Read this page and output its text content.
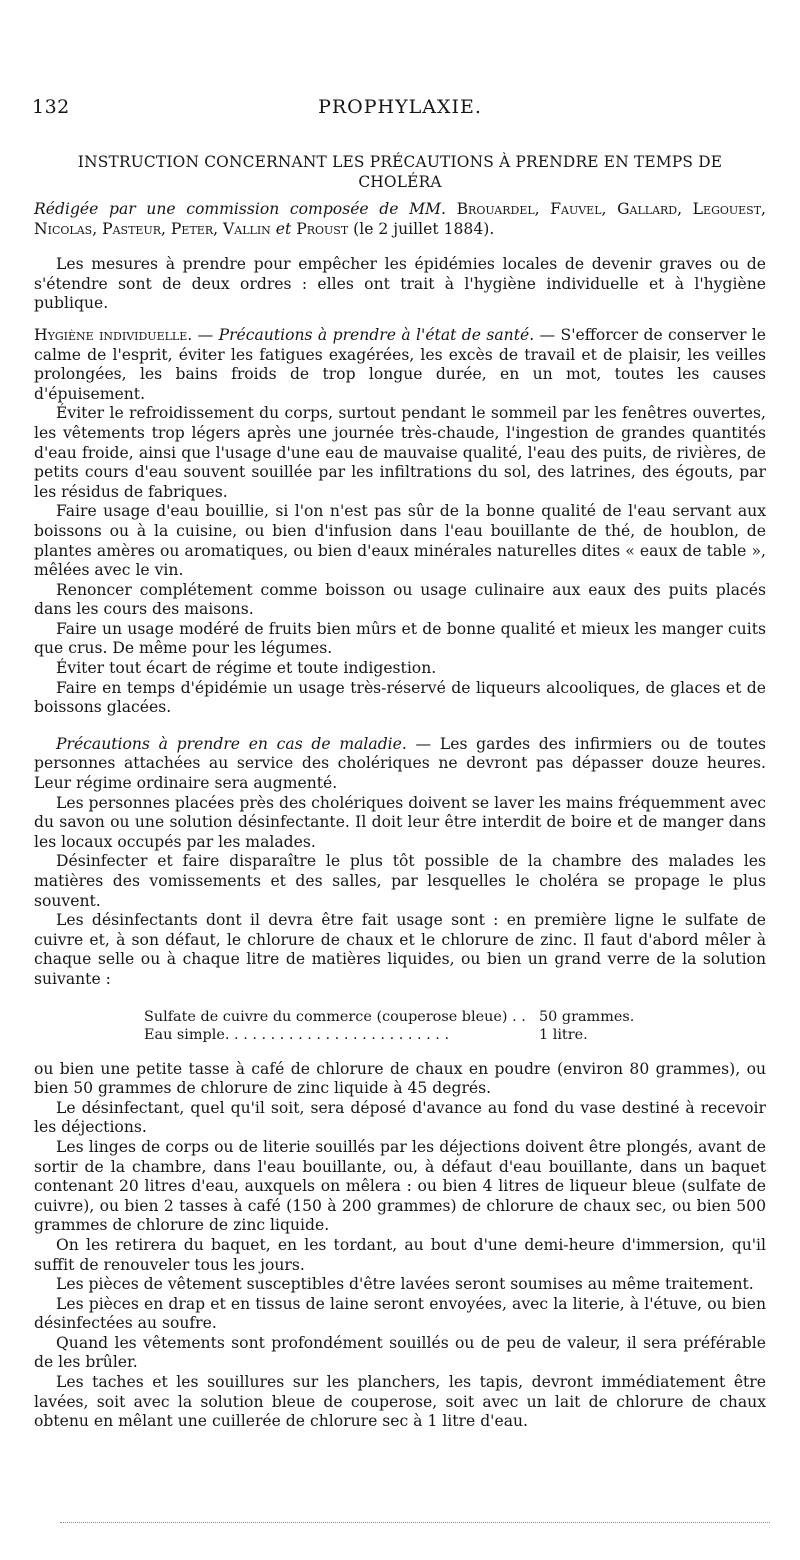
132	PROPHYLAXIE.
INSTRUCTION CONCERNANT LES PRÉCAUTIONS À PRENDRE EN TEMPS DE CHOLÉRA

Rédigée par une commission composée de MM. Brouardel, Fauvel, Gallard, Legouest, Nicolas, Pasteur, Peter, Vallin et Proust (le 2 juillet 1884).

Les mesures à prendre pour empêcher les épidémies locales de devenir graves ou de s'étendre sont de deux ordres : elles ont trait à l'hygiène individuelle et à l'hygiène publique.

Hygiène individuelle. — Précautions à prendre à l'état de santé. — S'efforcer de conserver le calme de l'esprit, éviter les fatigues exagérées, les excès de travail et de plaisir, les veilles prolongées, les bains froids de trop longue durée, en un mot, toutes les causes d'épuisement.

Éviter le refroidissement du corps, surtout pendant le sommeil par les fenêtres ouvertes, les vêtements trop légers après une journée très-chaude, l'ingestion de grandes quantités d'eau froide, ainsi que l'usage d'une eau de mauvaise qualité, l'eau des puits, de rivières, de petits cours d'eau souvent souillée par les infiltrations du sol, des latrines, des égouts, par les résidus de fabriques.

Faire usage d'eau bouillie, si l'on n'est pas sûr de la bonne qualité de l'eau servant aux boissons ou à la cuisine, ou bien d'infusion dans l'eau bouillante de thé, de houblon, de plantes amères ou aromatiques, ou bien d'eaux minérales naturelles dites « eaux de table », mêlées avec le vin.

Renoncer complétement comme boisson ou usage culinaire aux eaux des puits placés dans les cours des maisons.

Faire un usage modéré de fruits bien mûrs et de bonne qualité et mieux les manger cuits que crus. De même pour les légumes.

Éviter tout écart de régime et toute indigestion.

Faire en temps d'épidémie un usage très-réservé de liqueurs alcooliques, de glaces et de boissons glacées.

Précautions à prendre en cas de maladie. — Les gardes des infirmiers ou de toutes personnes attachées au service des cholériques ne devront pas dépasser douze heures. Leur régime ordinaire sera augmenté.

Les personnes placées près des cholériques doivent se laver les mains fréquemment avec du savon ou une solution désinfectante. Il doit leur être interdit de boire et de manger dans les locaux occupés par les malades.

Désinfecter et faire disparaître le plus tôt possible de la chambre des malades les matières des vomissements et des salles, par lesquelles le choléra se propage le plus souvent.

Les désinfectants dont il devra être fait usage sont : en première ligne le sulfate de cuivre et, à son défaut, le chlorure de chaux et le chlorure de zinc. Il faut d'abord mêler à chaque selle ou à chaque litre de matières liquides, ou bien un grand verre de la solution suivante :

Sulfate de cuivre du commerce (couperose bleue) . . 50 grammes.
Eau simple. . . . . . . . . . . . . . . . . . . . . . . . .	1 litre.

ou bien une petite tasse à café de chlorure de chaux en poudre (environ 80 grammes), ou bien 50 grammes de chlorure de zinc liquide à 45 degrés.

Le désinfectant, quel qu'il soit, sera déposé d'avance au fond du vase destiné à recevoir les déjections.

Les linges de corps ou de literie souillés par les déjections doivent être plongés, avant de sortir de la chambre, dans l'eau bouillante, ou, à défaut d'eau bouillante, dans un baquet contenant 20 litres d'eau, auxquels on mêlera : ou bien 4 litres de liqueur bleue (sulfate de cuivre), ou bien 2 tasses à café (150 à 200 grammes) de chlorure de chaux sec, ou bien 500 grammes de chlorure de zinc liquide.

On les retirera du baquet, en les tordant, au bout d'une demi-heure d'immersion, qu'il suffit de renouveler tous les jours.

Les pièces de vêtement susceptibles d'être lavées seront soumises au même traitement.

Les pièces en drap et en tissus de laine seront envoyées, avec la literie, à l'étuve, ou bien désinfectées au soufre.

Quand les vêtements sont profondément souillés ou de peu de valeur, il sera préférable de les brûler.

Les taches et les souillures sur les planchers, les tapis, devront immédiatement être lavées, soit avec la solution bleue de couperose, soit avec un lait de chlorure de chaux obtenu en mêlant une cuillerée de chlorure sec à 1 litre d'eau.
